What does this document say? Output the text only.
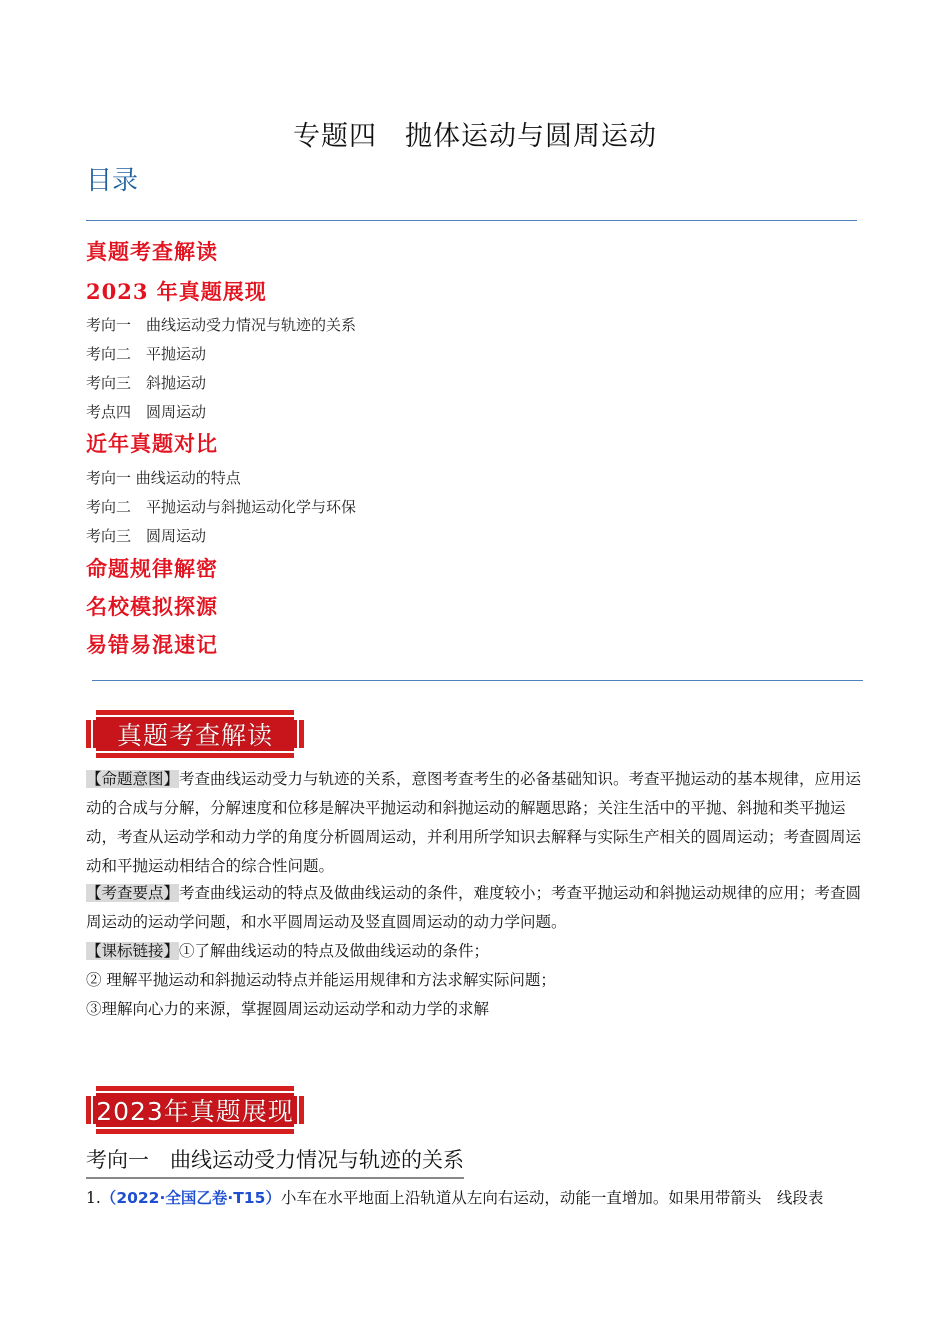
专题四　抛体运动与圆周运动
目录
真题考查解读
2023 年真题展现
考向一　曲线运动受力情况与轨迹的关系
考向二　平抛运动
考向三　斜抛运动
考点四　圆周运动
近年真题对比
考向一 曲线运动的特点
考向二　平抛运动与斜抛运动化学与环保
考向三　圆周运动
命题规律解密
名校模拟探源
易错易混速记
真题考查解读
【命题意图】考查曲线运动受力与轨迹的关系，意图考查考生的必备基础知识。考查平抛运动的基本规律，应用运动的合成与分解，分解速度和位移是解决平抛运动和斜抛运动的解题思路；关注生活中的平抛、斜抛和类平抛运动，考查从运动学和动力学的角度分析圆周运动，并利用所学知识去解释与实际生产相关的圆周运动；考查圆周运动和平抛运动相结合的综合性问题。
【考查要点】考查曲线运动的特点及做曲线运动的条件，难度较小；考查平抛运动和斜抛运动规律的应用；考查圆周运动的运动学问题，和水平圆周运动及竖直圆周运动的动力学问题。
【课标链接】①了解曲线运动的特点及做曲线运动的条件；
② 理解平抛运动和斜抛运动特点并能运用规律和方法求解实际问题；
③理解向心力的来源，掌握圆周运动运动学和动力学的求解
2023年真题展现
考向一　曲线运动受力情况与轨迹的关系
1.（2022·全国乙卷·T15）小车在水平地面上沿轨道从左向右运动，动能一直增加。如果用带箭头　线段表
